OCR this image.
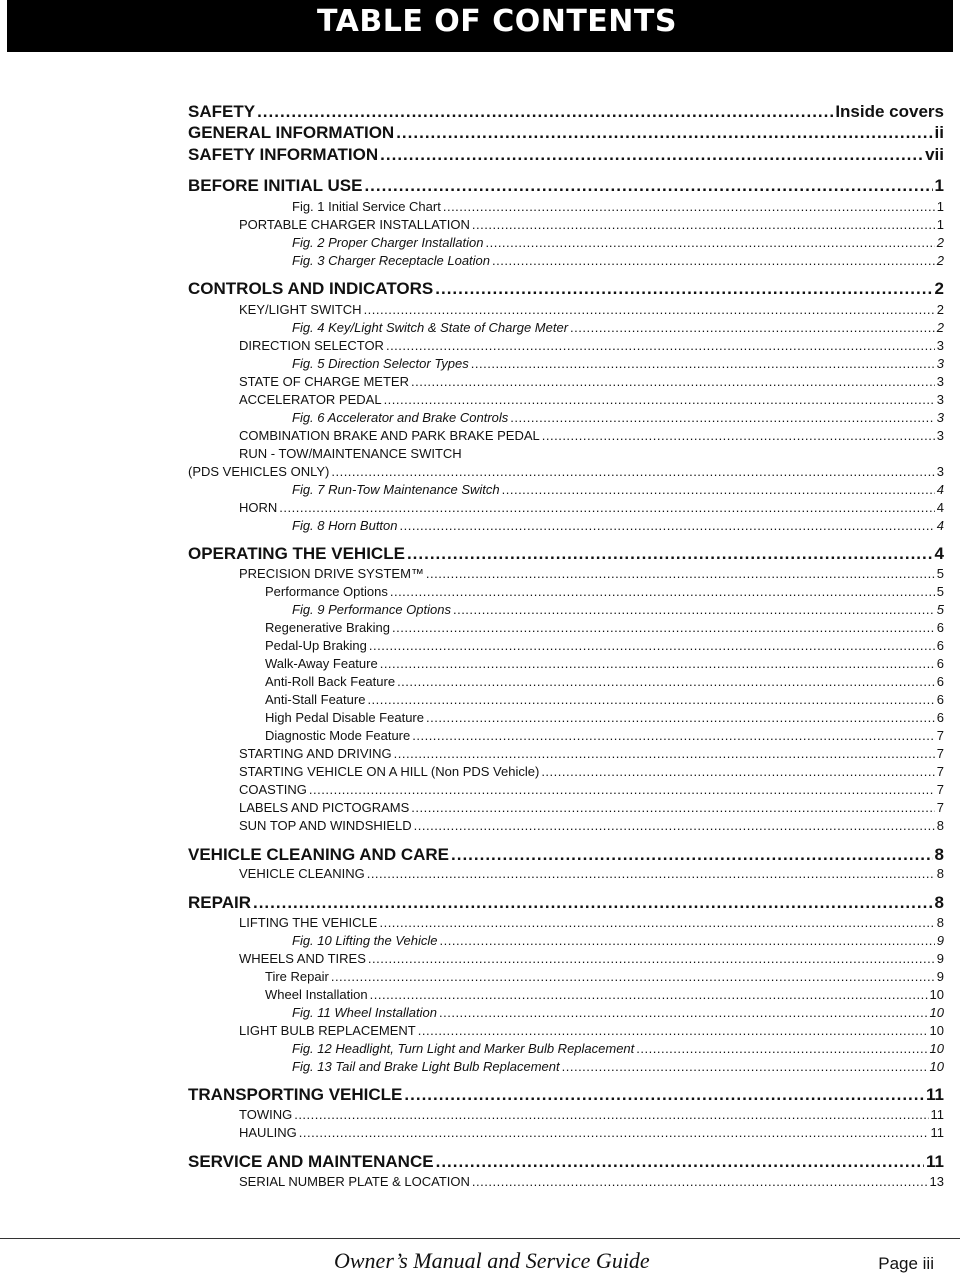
TABLE OF CONTENTS
SAFETY .....	Inside covers
GENERAL INFORMATION .....	ii
SAFETY INFORMATION .....	vii
BEFORE INITIAL USE .....	1
Fig. 1 Initial Service Chart .....	1
PORTABLE CHARGER INSTALLATION .....	1
Fig. 2 Proper Charger Installation .....	2
Fig. 3 Charger Receptacle Loation .....	2
CONTROLS AND INDICATORS .....	2
KEY/LIGHT SWITCH .....	2
Fig. 4 Key/Light Switch & State of Charge Meter .....	2
DIRECTION SELECTOR .....	3
Fig. 5 Direction Selector Types .....	3
STATE OF CHARGE METER .....	3
ACCELERATOR PEDAL .....	3
Fig. 6 Accelerator and Brake Controls .....	3
COMBINATION BRAKE AND PARK BRAKE PEDAL .....	3
RUN - TOW/MAINTENANCE SWITCH
(PDS VEHICLES ONLY) .....	3
Fig. 7 Run-Tow Maintenance Switch .....	4
HORN .....	4
Fig. 8 Horn Button .....	4
OPERATING THE VEHICLE .....	4
PRECISION DRIVE SYSTEM™ .....	5
Performance Options .....	5
Fig. 9 Performance Options .....	5
Regenerative Braking .....	6
Pedal-Up Braking .....	6
Walk-Away Feature .....	6
Anti-Roll Back Feature .....	6
Anti-Stall Feature .....	6
High Pedal Disable Feature .....	6
Diagnostic Mode Feature .....	7
STARTING AND DRIVING .....	7
STARTING VEHICLE ON A HILL (Non PDS Vehicle) .....	7
COASTING .....	7
LABELS AND PICTOGRAMS .....	7
SUN TOP AND WINDSHIELD .....	8
VEHICLE CLEANING AND CARE .....	8
VEHICLE CLEANING .....	8
REPAIR .....	8
LIFTING THE VEHICLE .....	8
Fig. 10 Lifting the Vehicle .....	9
WHEELS AND TIRES .....	9
Tire Repair .....	9
Wheel Installation .....	10
Fig. 11 Wheel Installation .....	10
LIGHT BULB REPLACEMENT .....	10
Fig. 12 Headlight, Turn Light and Marker Bulb Replacement .....	10
Fig. 13 Tail and Brake Light Bulb Replacement .....	10
TRANSPORTING VEHICLE .....	11
TOWING .....	11
HAULING .....	11
SERVICE AND MAINTENANCE .....	11
SERIAL NUMBER PLATE & LOCATION .....	13
Owner’s Manual and Service Guide	Page iii
